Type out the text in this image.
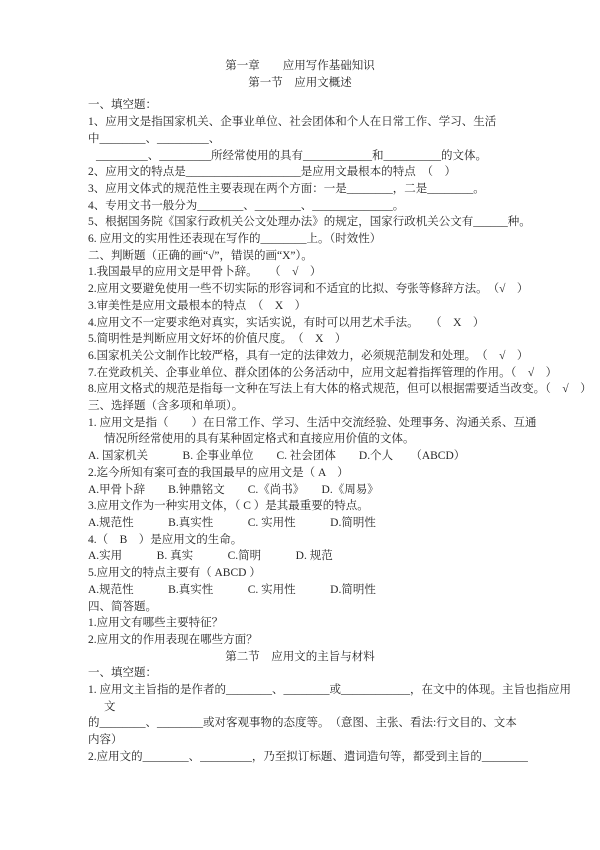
第一章　　应用写作基础知识
第一节　应用文概述
一、填空题：
1、应用文是指国家机关、企事业单位、社会团体和个人在日常工作、学习、生活
中________、_________、
_________、_________所经常使用的具有____________和__________的文体。
2、应用文的特点是____________________是应用文最根本的特点　（　）
3、应用文体式的规范性主要表现在两个方面：一是________，二是________。
4、专用文书一般分为________、________、______________。
5、根据国务院《国家行政机关公文处理办法》的规定，国家行政机关公文有______种。
6. 应用文的实用性还表现在写作的________上。（时效性）
二、判断题（正确的画“√”，错误的画“X”）。
1.我国最早的应用文是甲骨卜辞。　　（　√　）
2.应用文要避免使用一些不切实际的形容词和不适宜的比拟、夸张等修辞方法。　（√　）
3.审美性是应用文最根本的特点　（　X　）
4.应用文不一定要求绝对真实，实话实说，有时可以用艺术手法。　　（　X　）
5.简明性是判断应用文好坏的价值尺度。　（　X　）
6.国家机关公文制作比较严格，具有一定的法律效力，必须规范制发和处理。　（　√　）
7.在党政机关、企事业单位、群众团体的公务活动中，应用文起着指挥管理的作用。（　√　）
8.应用文格式的规范是指每一文种在写法上有大体的格式规范，但可以根据需要适当改变。（　√　）
三、选择题（含多项和单项）。
1. 应用文是指（　　）在日常工作、学习、生活中交流经验、处理事务、沟通关系、互通
情况所经常使用的具有某种固定格式和直接应用价值的文体。
A. 国家机关　　　B. 企事业单位　　C. 社会团体　　D.个人　　（ABCD）
2.迄今所知有案可查的我国最早的应用文是（ A　）
A.甲骨卜辞　　B.钟鼎铭文　　C.《尚书》　　D.《周易》
3.应用文作为一种实用文体，（ C ）是其最重要的特点。
A.规范性　　　B.真实性　　　C. 实用性　　　D.简明性
4.（　B　）是应用文的生命。
A.实用　　　B. 真实　　　C.简明　　　D. 规范
5.应用文的特点主要有（ ABCD ）
A.规范性　　　B.真实性　　　C. 实用性　　　D.简明性
四、简答题。
1.应用文有哪些主要特征？
2.应用文的作用表现在哪些方面？
第二节　应用文的主旨与材料
一、填空题：
1. 应用文主旨指的是作者的________、________或____________，在文中的体现。主旨也指应用
文
的________、________或对客观事物的态度等。　（意图、主张、看法:行文目的、文本
内容）
2.应用文的________、_________，乃至拟订标题、遣词造句等，都受到主旨的________
